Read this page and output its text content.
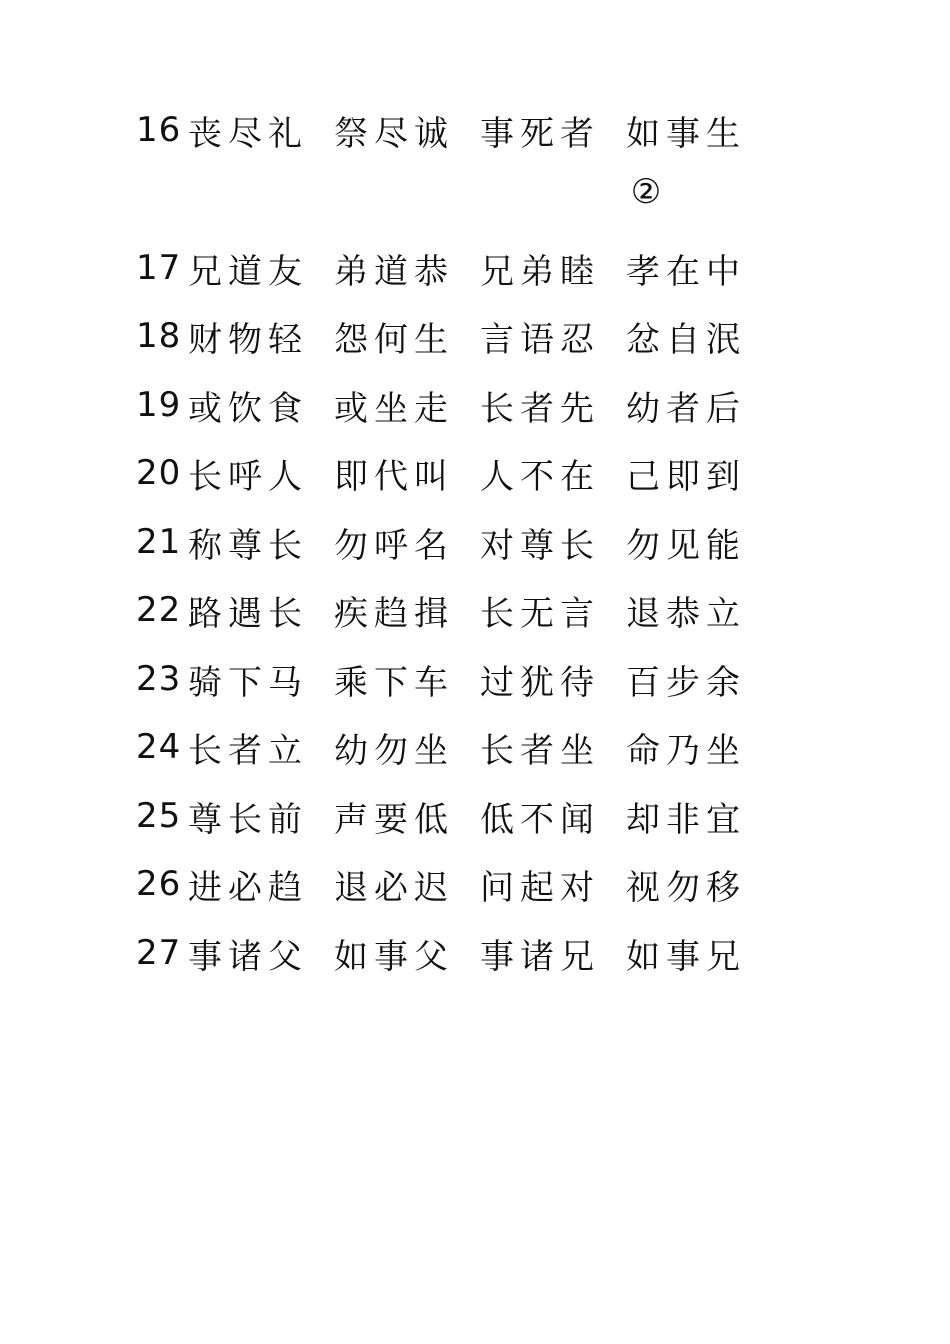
16 丧尽礼 祭尽诚 事死者 如事生
②
17 兄道友 弟道恭 兄弟睦 孝在中
18 财物轻 怨何生 言语忍 忿自泯
19 或饮食 或坐走 长者先 幼者后
20 长呼人 即代叫 人不在 己即到
21 称尊长 勿呼名 对尊长 勿见能
22 路遇长 疾趋揖 长无言 退恭立
23 骑下马 乘下车 过犹待 百步余
24 长者立 幼勿坐 长者坐 命乃坐
25 尊长前 声要低 低不闻 却非宜
26 进必趋 退必迟 问起对 视勿移
27 事诸父 如事父 事诸兄 如事兄
